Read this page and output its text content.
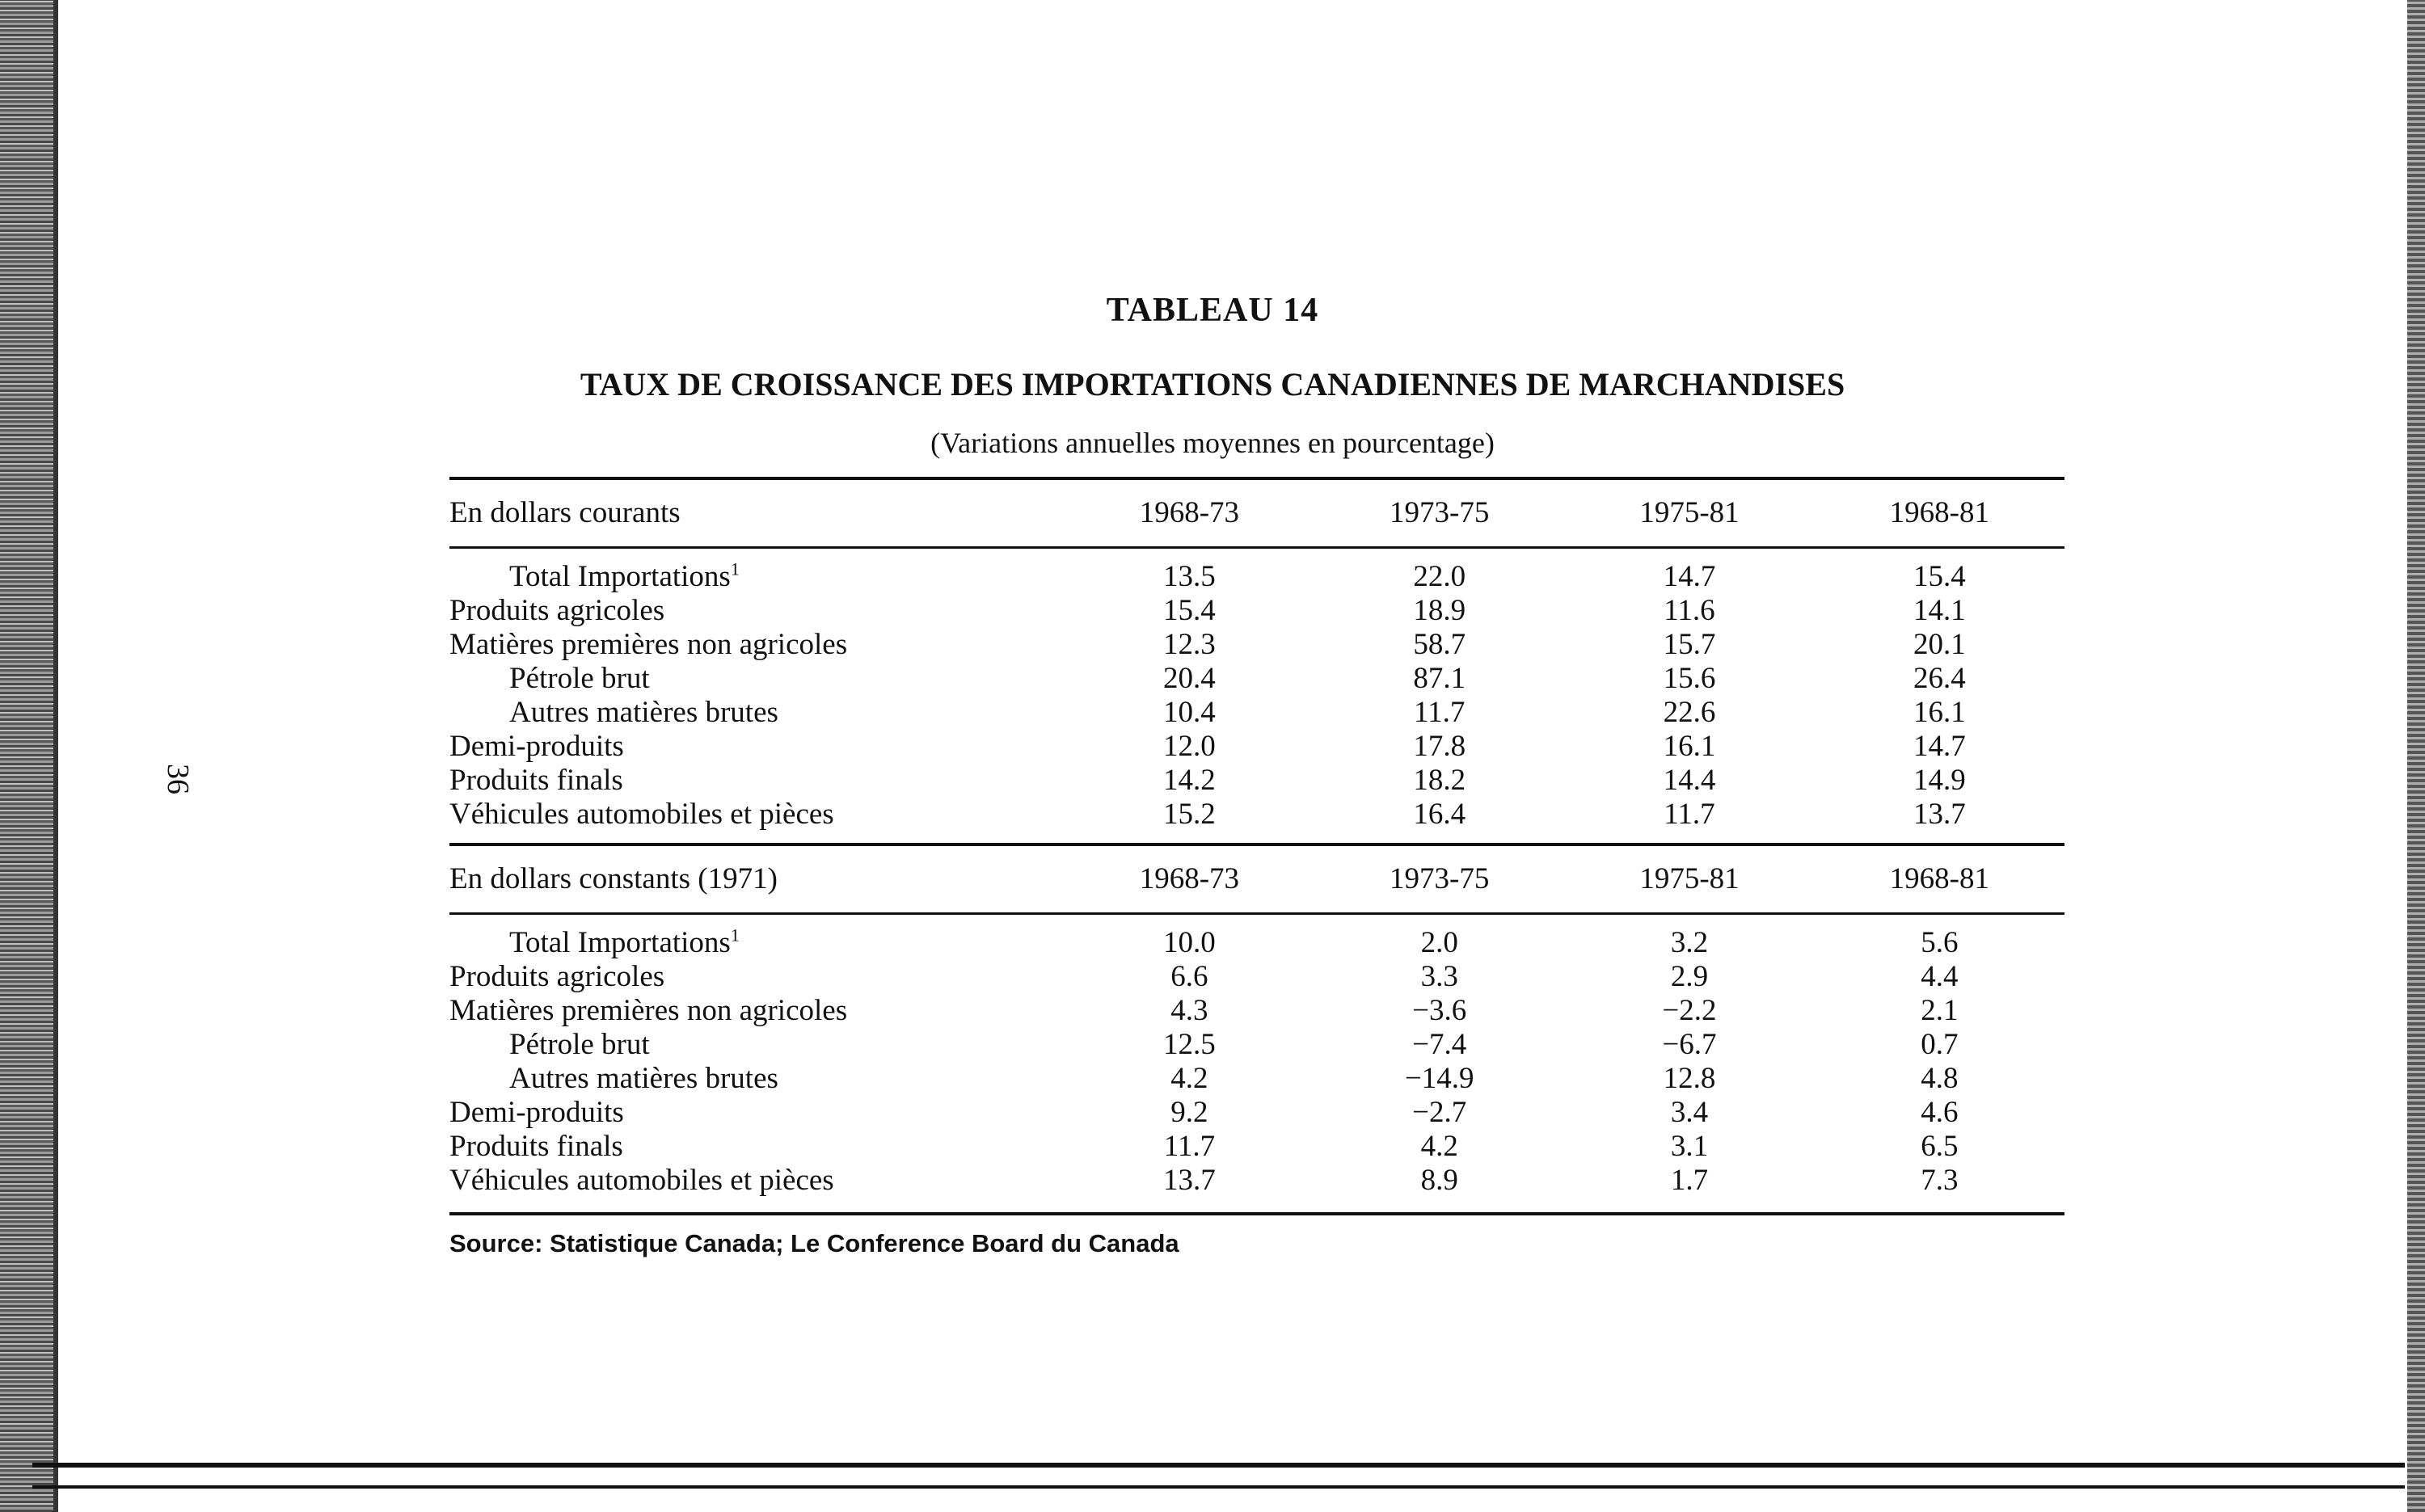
36
TABLEAU 14
TAUX DE CROISSANCE DES IMPORTATIONS CANADIENNES DE MARCHANDISES
(Variations annuelles moyennes en pourcentage)
En dollars courants	1968-73	1973-75	1975-81	1968-81

Total Importations$^1$	13.5	22.0	14.7	15.4
Produits agricoles	15.4	18.9	11.6	14.1
Matières premières non agricoles	12.3	58.7	15.7	20.1
Pétrole brut	20.4	87.1	15.6	26.4
Autres matières brutes	10.4	11.7	22.6	16.1
Demi-produits	12.0	17.8	16.1	14.7
Produits finals	14.2	18.2	14.4	14.9
Véhicules automobiles et pièces	15.2	16.4	11.7	13.7

En dollars constants (1971)	1968-73	1973-75	1975-81	1968-81

Total Importations$^1$	10.0	2.0	3.2	5.6
Produits agricoles	6.6	3.3	2.9	4.4
Matières premières non agricoles	4.3	−3.6	−2.2	2.1
Pétrole brut	12.5	−7.4	−6.7	0.7
Autres matières brutes	4.2	−14.9	12.8	4.8
Demi-produits	9.2	−2.7	3.4	4.6
Produits finals	11.7	4.2	3.1	6.5
Véhicules automobiles et pièces	13.7	8.9	1.7	7.3

Source: Statistique Canada; Le Conference Board du Canada
